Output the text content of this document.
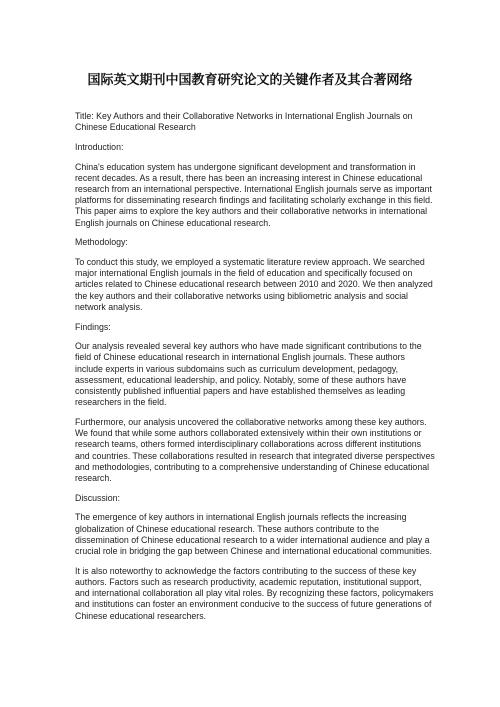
国际英文期刊中国教育研究论文的关键作者及其合著网络

Title: Key Authors and their Collaborative Networks in International English Journals on Chinese Educational Research

Introduction:

China's education system has undergone significant development and transformation in recent decades. As a result, there has been an increasing interest in Chinese educational research from an international perspective. International English journals serve as important platforms for disseminating research findings and facilitating scholarly exchange in this field. This paper aims to explore the key authors and their collaborative networks in international English journals on Chinese educational research.

Methodology:

To conduct this study, we employed a systematic literature review approach. We searched major international English journals in the field of education and specifically focused on articles related to Chinese educational research between 2010 and 2020. We then analyzed the key authors and their collaborative networks using bibliometric analysis and social network analysis.

Findings:

Our analysis revealed several key authors who have made significant contributions to the field of Chinese educational research in international English journals. These authors include experts in various subdomains such as curriculum development, pedagogy, assessment, educational leadership, and policy. Notably, some of these authors have consistently published influential papers and have established themselves as leading researchers in the field.

Furthermore, our analysis uncovered the collaborative networks among these key authors. We found that while some authors collaborated extensively within their own institutions or research teams, others formed interdisciplinary collaborations across different institutions and countries. These collaborations resulted in research that integrated diverse perspectives and methodologies, contributing to a comprehensive understanding of Chinese educational research.

Discussion:

The emergence of key authors in international English journals reflects the increasing globalization of Chinese educational research. These authors contribute to the dissemination of Chinese educational research to a wider international audience and play a crucial role in bridging the gap between Chinese and international educational communities.

It is also noteworthy to acknowledge the factors contributing to the success of these key authors. Factors such as research productivity, academic reputation, institutional support, and international collaboration all play vital roles. By recognizing these factors, policymakers and institutions can foster an environment conducive to the success of future generations of Chinese educational researchers.
